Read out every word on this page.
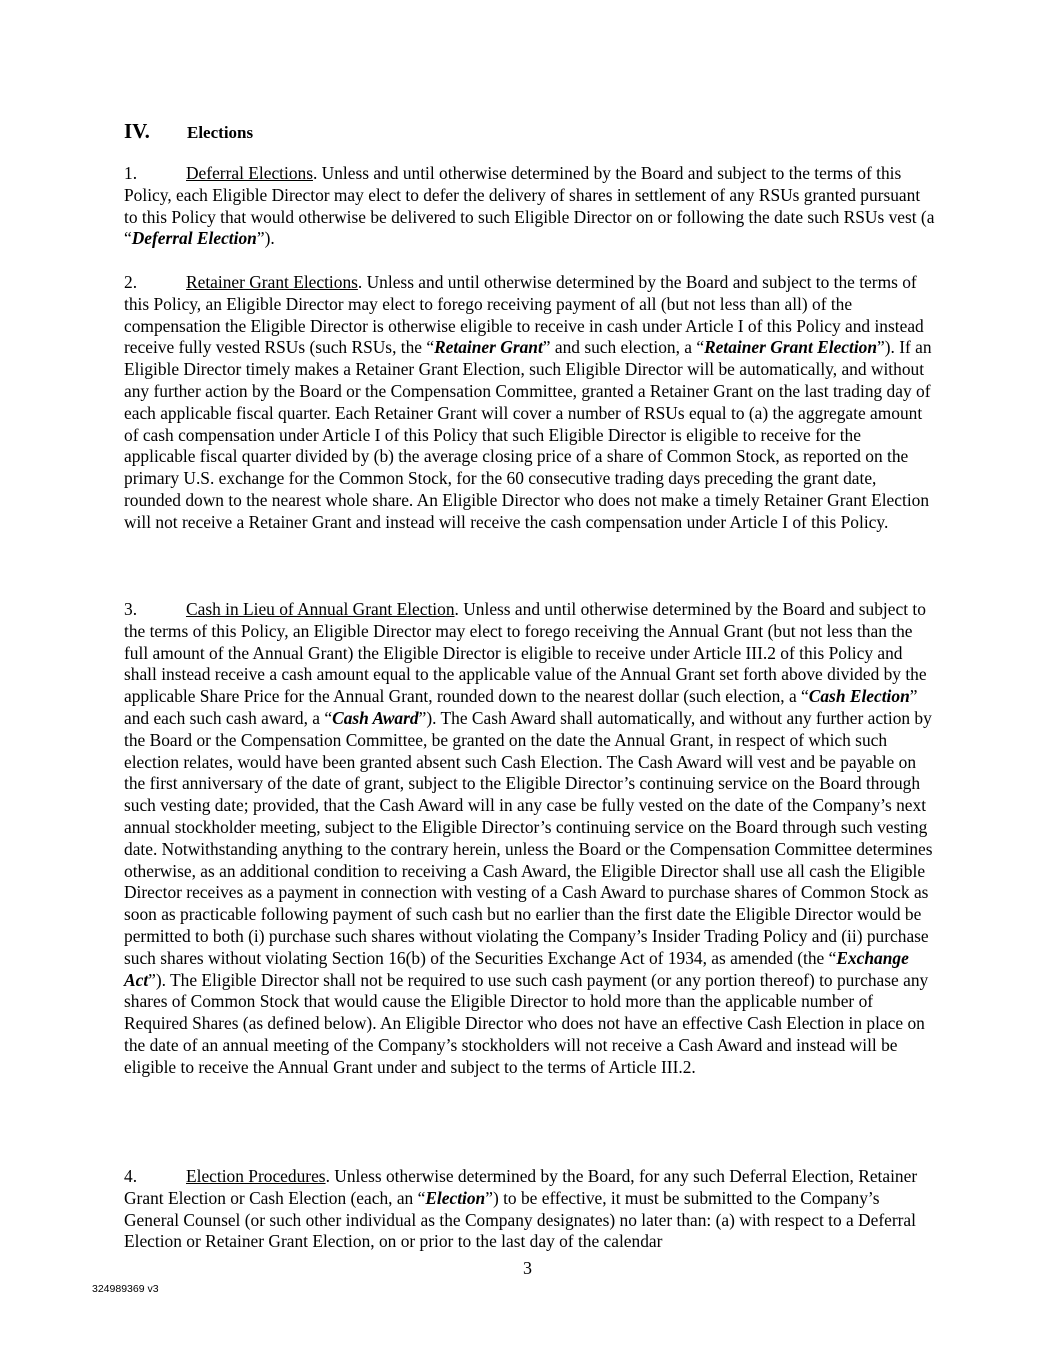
IV. Elections

1.	Deferral Elections. Unless and until otherwise determined by the Board and subject to the terms of this Policy, each Eligible Director may elect to defer the delivery of shares in settlement of any RSUs granted pursuant to this Policy that would otherwise be delivered to such Eligible Director on or following the date such RSUs vest (a “Deferral Election”).

2.	Retainer Grant Elections. Unless and until otherwise determined by the Board and subject to the terms of this Policy, an Eligible Director may elect to forego receiving payment of all (but not less than all) of the compensation the Eligible Director is otherwise eligible to receive in cash under Article I of this Policy and instead receive fully vested RSUs (such RSUs, the “Retainer Grant” and such election, a “Retainer Grant Election”). If an Eligible Director timely makes a Retainer Grant Election, such Eligible Director will be automatically, and without any further action by the Board or the Compensation Committee, granted a Retainer Grant on the last trading day of each applicable fiscal quarter. Each Retainer Grant will cover a number of RSUs equal to (a) the aggregate amount of cash compensation under Article I of this Policy that such Eligible Director is eligible to receive for the applicable fiscal quarter divided by (b) the average closing price of a share of Common Stock, as reported on the primary U.S. exchange for the Common Stock, for the 60 consecutive trading days preceding the grant date, rounded down to the nearest whole share. An Eligible Director who does not make a timely Retainer Grant Election will not receive a Retainer Grant and instead will receive the cash compensation under Article I of this Policy.

3.	Cash in Lieu of Annual Grant Election. Unless and until otherwise determined by the Board and subject to the terms of this Policy, an Eligible Director may elect to forego receiving the Annual Grant (but not less than the full amount of the Annual Grant) the Eligible Director is eligible to receive under Article III.2 of this Policy and shall instead receive a cash amount equal to the applicable value of the Annual Grant set forth above divided by the applicable Share Price for the Annual Grant, rounded down to the nearest dollar (such election, a “Cash Election” and each such cash award, a “Cash Award”). The Cash Award shall automatically, and without any further action by the Board or the Compensation Committee, be granted on the date the Annual Grant, in respect of which such election relates, would have been granted absent such Cash Election. The Cash Award will vest and be payable on the first anniversary of the date of grant, subject to the Eligible Director’s continuing service on the Board through such vesting date; provided, that the Cash Award will in any case be fully vested on the date of the Company’s next annual stockholder meeting, subject to the Eligible Director’s continuing service on the Board through such vesting date. Notwithstanding anything to the contrary herein, unless the Board or the Compensation Committee determines otherwise, as an additional condition to receiving a Cash Award, the Eligible Director shall use all cash the Eligible Director receives as a payment in connection with vesting of a Cash Award to purchase shares of Common Stock as soon as practicable following payment of such cash but no earlier than the first date the Eligible Director would be permitted to both (i) purchase such shares without violating the Company’s Insider Trading Policy and (ii) purchase such shares without violating Section 16(b) of the Securities Exchange Act of 1934, as amended (the “Exchange Act”). The Eligible Director shall not be required to use such cash payment (or any portion thereof) to purchase any shares of Common Stock that would cause the Eligible Director to hold more than the applicable number of Required Shares (as defined below). An Eligible Director who does not have an effective Cash Election in place on the date of an annual meeting of the Company’s stockholders will not receive a Cash Award and instead will be eligible to receive the Annual Grant under and subject to the terms of Article III.2.

4.	Election Procedures. Unless otherwise determined by the Board, for any such Deferral Election, Retainer Grant Election or Cash Election (each, an “Election”) to be effective, it must be submitted to the Company’s General Counsel (or such other individual as the Company designates) no later than: (a) with respect to a Deferral Election or Retainer Grant Election, on or prior to the last day of the calendar

3

324989369 v3
